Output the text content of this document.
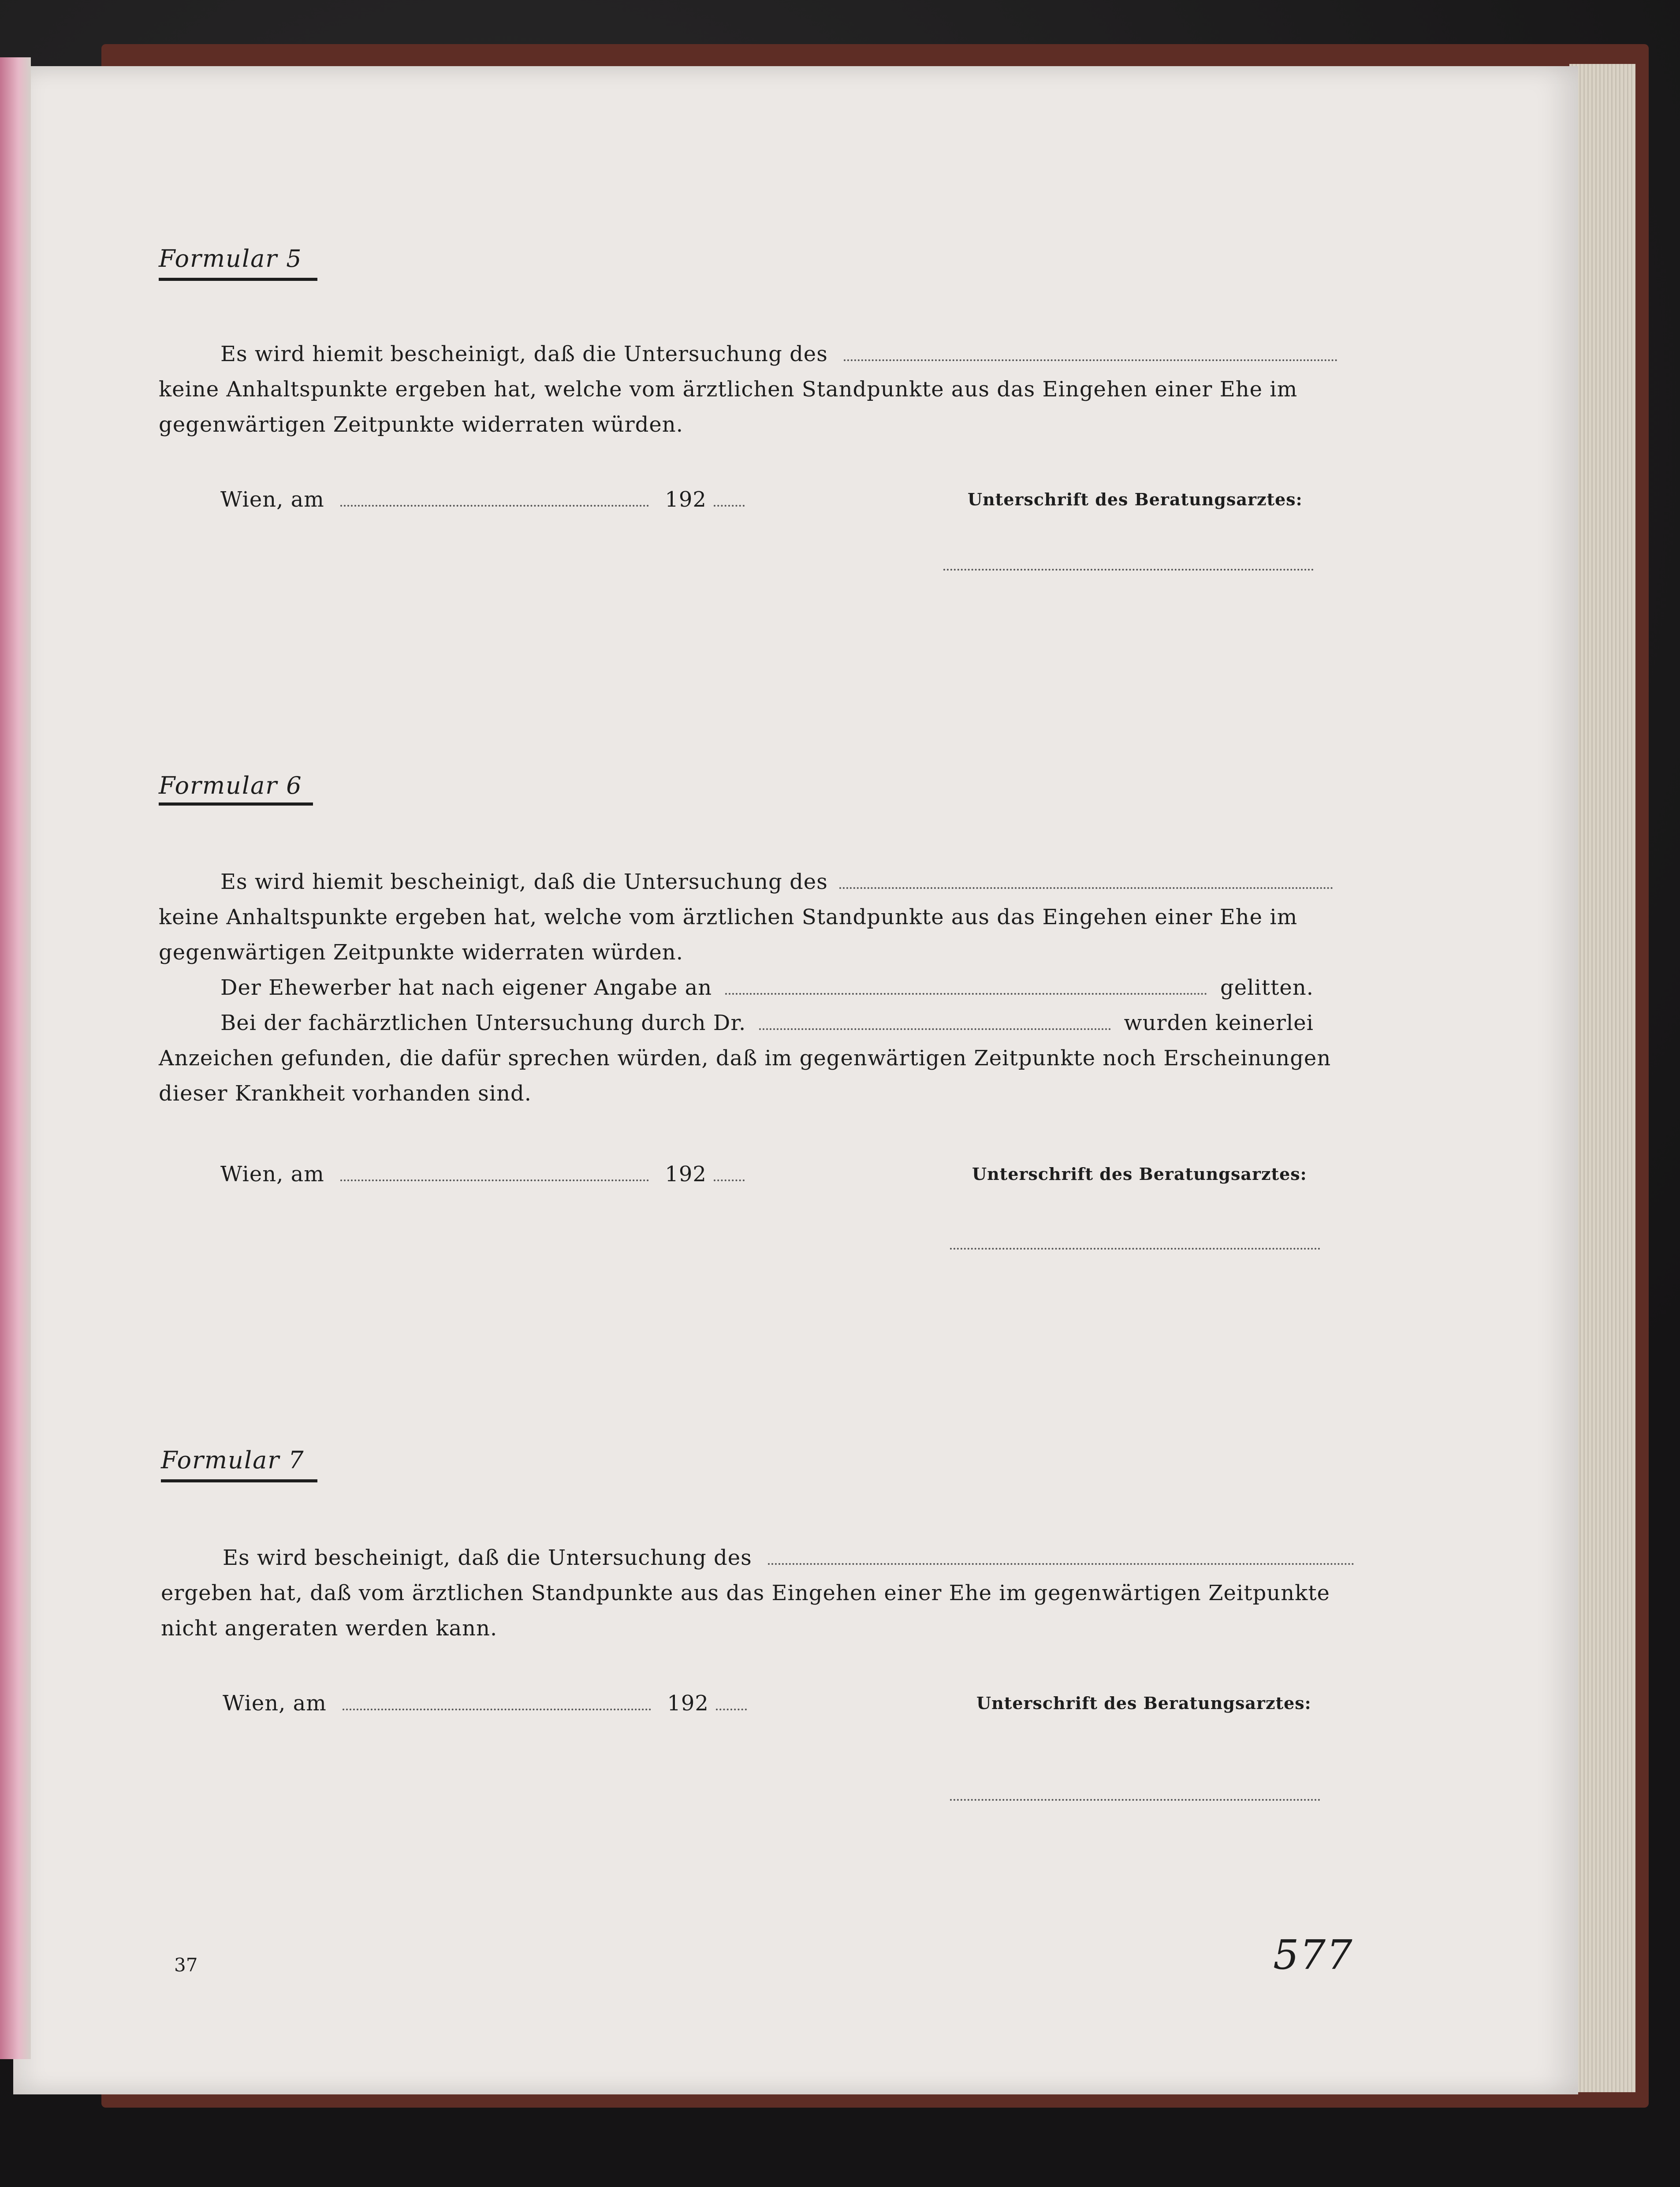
Formular 5
Es wird hiemit bescheinigt, daß die Untersuchung des
keine Anhaltspunkte ergeben hat, welche vom ärztlichen Standpunkte aus das Eingehen einer Ehe im
gegenwärtigen Zeitpunkte widerraten würden.
Wien, am	192	Unterschrift des Beratungsarztes:
Formular 6
Es wird hiemit bescheinigt, daß die Untersuchung des
keine Anhaltspunkte ergeben hat, welche vom ärztlichen Standpunkte aus das Eingehen einer Ehe im
gegenwärtigen Zeitpunkte widerraten würden.
Der Ehewerber hat nach eigener Angabe an	gelitten.
Bei der fachärztlichen Untersuchung durch Dr.	wurden keinerlei
Anzeichen gefunden, die dafür sprechen würden, daß im gegenwärtigen Zeitpunkte noch Erscheinungen
dieser Krankheit vorhanden sind.
Wien, am	192	Unterschrift des Beratungsarztes:
Formular 7
Es wird bescheinigt, daß die Untersuchung des
ergeben hat, daß vom ärztlichen Standpunkte aus das Eingehen einer Ehe im gegenwärtigen Zeitpunkte
nicht angeraten werden kann.
Wien, am	192	Unterschrift des Beratungsarztes:
37	577
